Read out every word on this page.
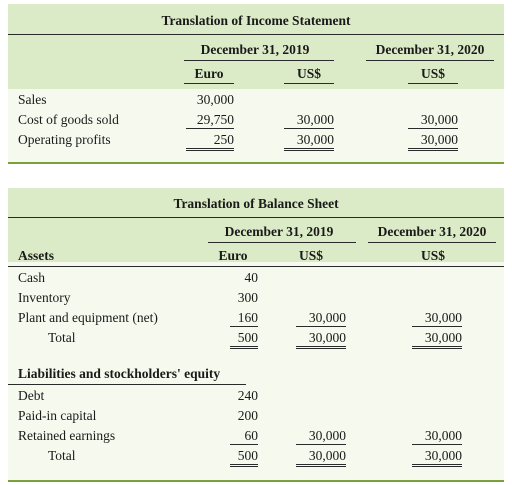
Translation of Income Statement
December 31, 2019	December 31, 2020
Euro	US$	US$
Sales	30,000
Cost of goods sold	29,750	30,000	30,000
Operating profits	250	30,000	30,000
Translation of Balance Sheet
December 31, 2019	December 31, 2020
Assets	Euro	US$	US$
Cash	40
Inventory	300
Plant and equipment (net)	160	30,000	30,000
Total	500	30,000	30,000
Liabilities and stockholders' equity
Debt	240
Paid-in capital	200
Retained earnings	60	30,000	30,000
Total	500	30,000	30,000
